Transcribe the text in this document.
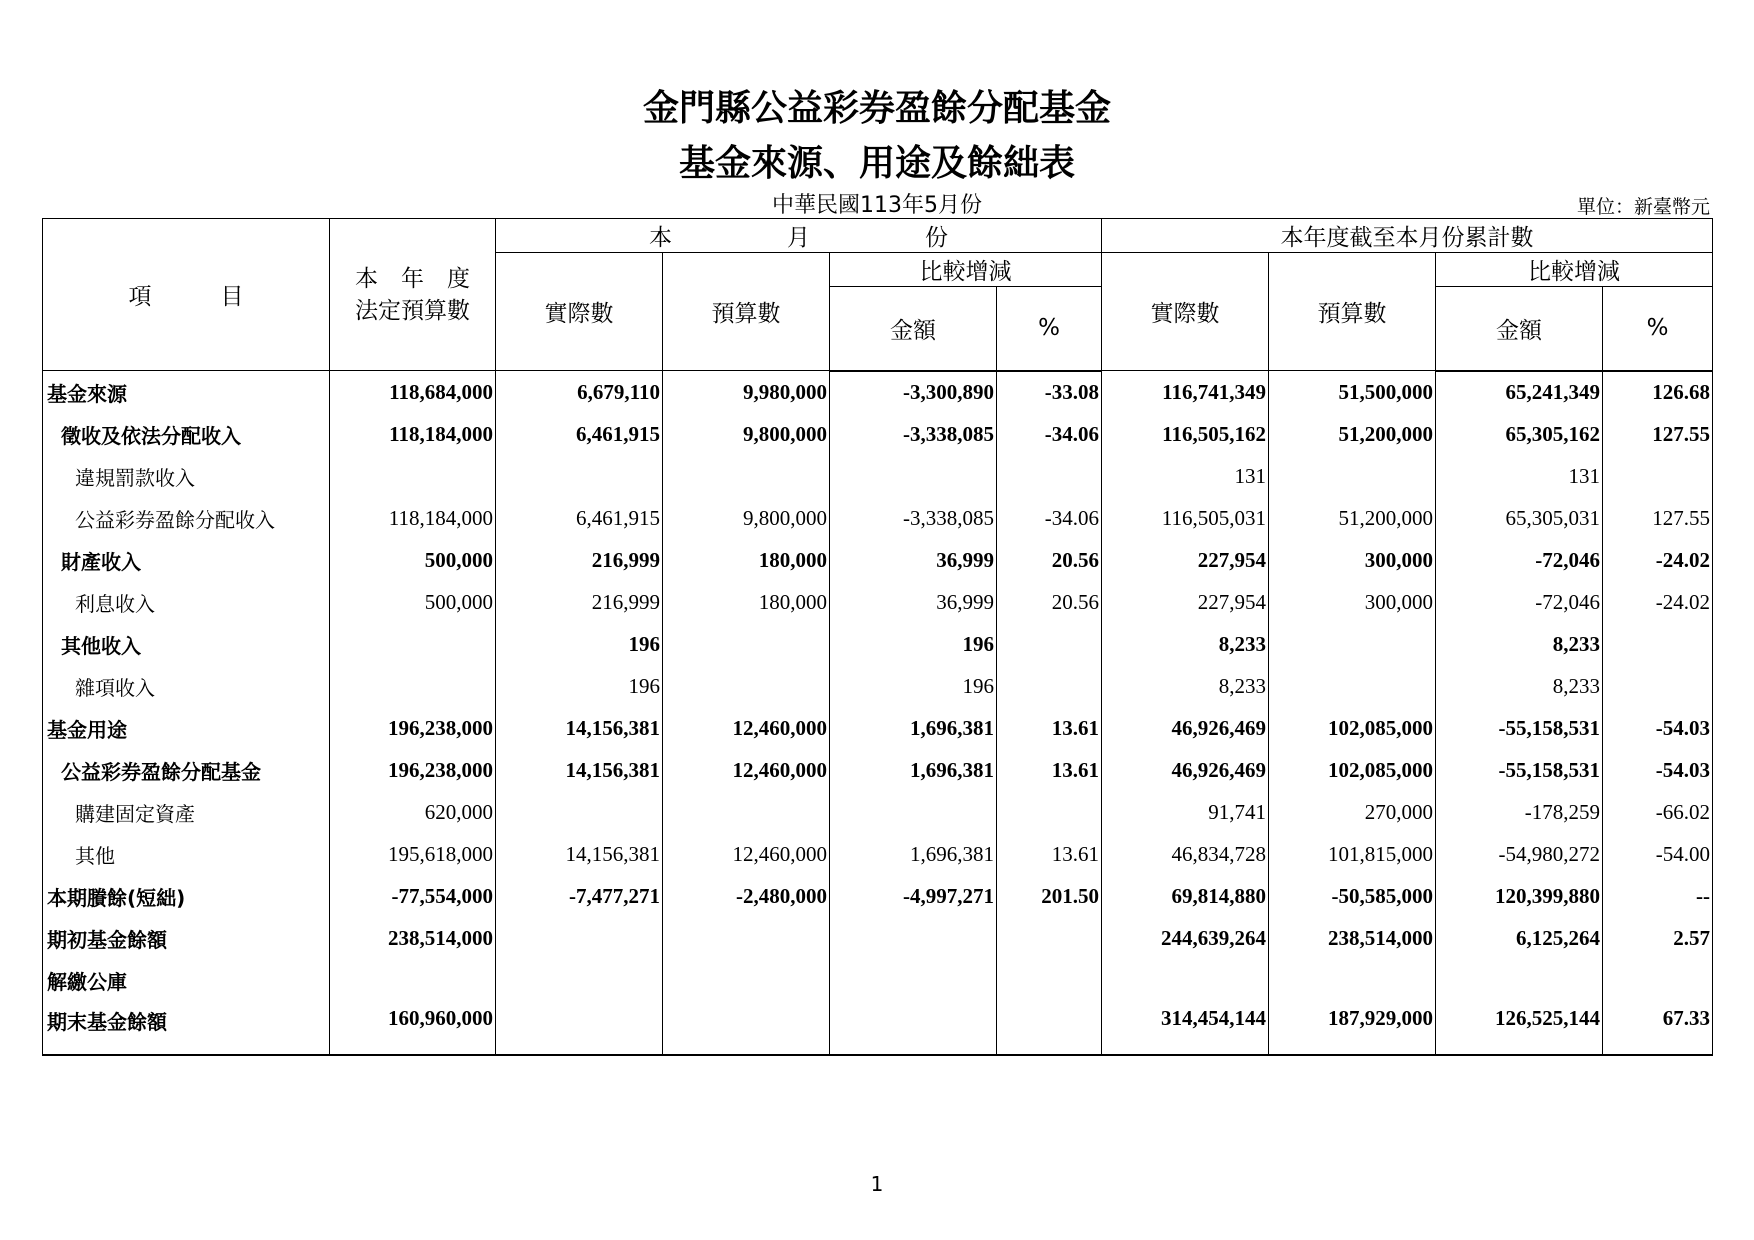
金門縣公益彩券盈餘分配基金
基金來源、用途及餘絀表
中華民國113年5月份	單位：新臺幣元
項　　　目	本　年　度
法定預算數	本　　　　　月　　　　　份				本年度截至本月份累計數			
		實際數	預算數	比較增減		實際數	預算數	比較增減	
				金額	%			金額	%
基金來源	118,684,000	6,679,110	9,980,000	-3,300,890	-33.08	116,741,349	51,500,000	65,241,349	126.68
徵收及依法分配收入	118,184,000	6,461,915	9,800,000	-3,338,085	-34.06	116,505,162	51,200,000	65,305,162	127.55
違規罰款收入						131		131	
公益彩券盈餘分配收入	118,184,000	6,461,915	9,800,000	-3,338,085	-34.06	116,505,031	51,200,000	65,305,031	127.55
財產收入	500,000	216,999	180,000	36,999	20.56	227,954	300,000	-72,046	-24.02
利息收入	500,000	216,999	180,000	36,999	20.56	227,954	300,000	-72,046	-24.02
其他收入		196		196		8,233		8,233	
雜項收入		196		196		8,233		8,233	
基金用途	196,238,000	14,156,381	12,460,000	1,696,381	13.61	46,926,469	102,085,000	-55,158,531	-54.03
公益彩券盈餘分配基金	196,238,000	14,156,381	12,460,000	1,696,381	13.61	46,926,469	102,085,000	-55,158,531	-54.03
購建固定資產	620,000					91,741	270,000	-178,259	-66.02
其他	195,618,000	14,156,381	12,460,000	1,696,381	13.61	46,834,728	101,815,000	-54,980,272	-54.00
本期賸餘(短絀)	-77,554,000	-7,477,271	-2,480,000	-4,997,271	201.50	69,814,880	-50,585,000	120,399,880	--
期初基金餘額	238,514,000					244,639,264	238,514,000	6,125,264	2.57
解繳公庫									
期末基金餘額	160,960,000					314,454,144	187,929,000	126,525,144	67.33
1
